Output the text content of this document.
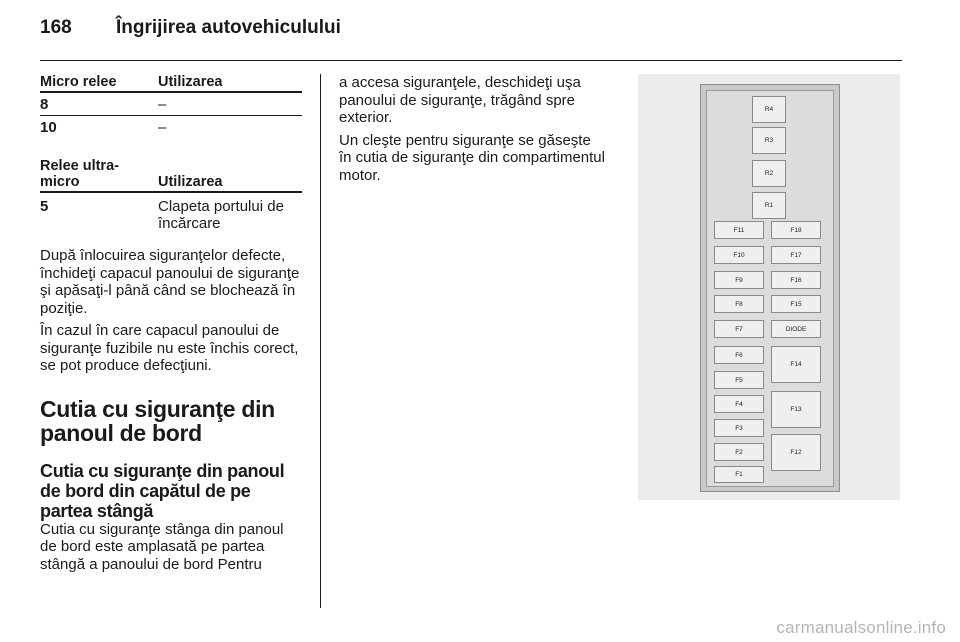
168 Îngrijirea autovehiculului
Micro relee	Utilizarea
8	–
10	–
Relee ultra-micro	Utilizarea
5	Clapeta portului de încărcare

După înlocuirea siguranţelor defecte, închideţi capacul panoului de siguranţe şi apăsaţi-l până când se blochează în poziţie.

În cazul în care capacul panoului de siguranţe fuzibile nu este închis corect, se pot produce defecţiuni.

Cutia cu siguranţe din panoul de bord
Cutia cu siguranţe din panoul de bord din capătul de pe partea stângă

Cutia cu siguranţe stânga din panoul de bord este amplasată pe partea stângă a panoului de bord Pentru

a accesa siguranţele, deschideţi uşa panoului de siguranţe, trăgând spre exterior.

Un cleşte pentru siguranţe se găseşte în cutia de siguranţe din compartimentul motor.

R4
R3
R2
R1
F11
F10
F9
F8
F7
F6
F5
F4
F3
F2
F1
F18
F17
F16
F15
DIODE
F14
F13
F12
carmanualsonline.info
